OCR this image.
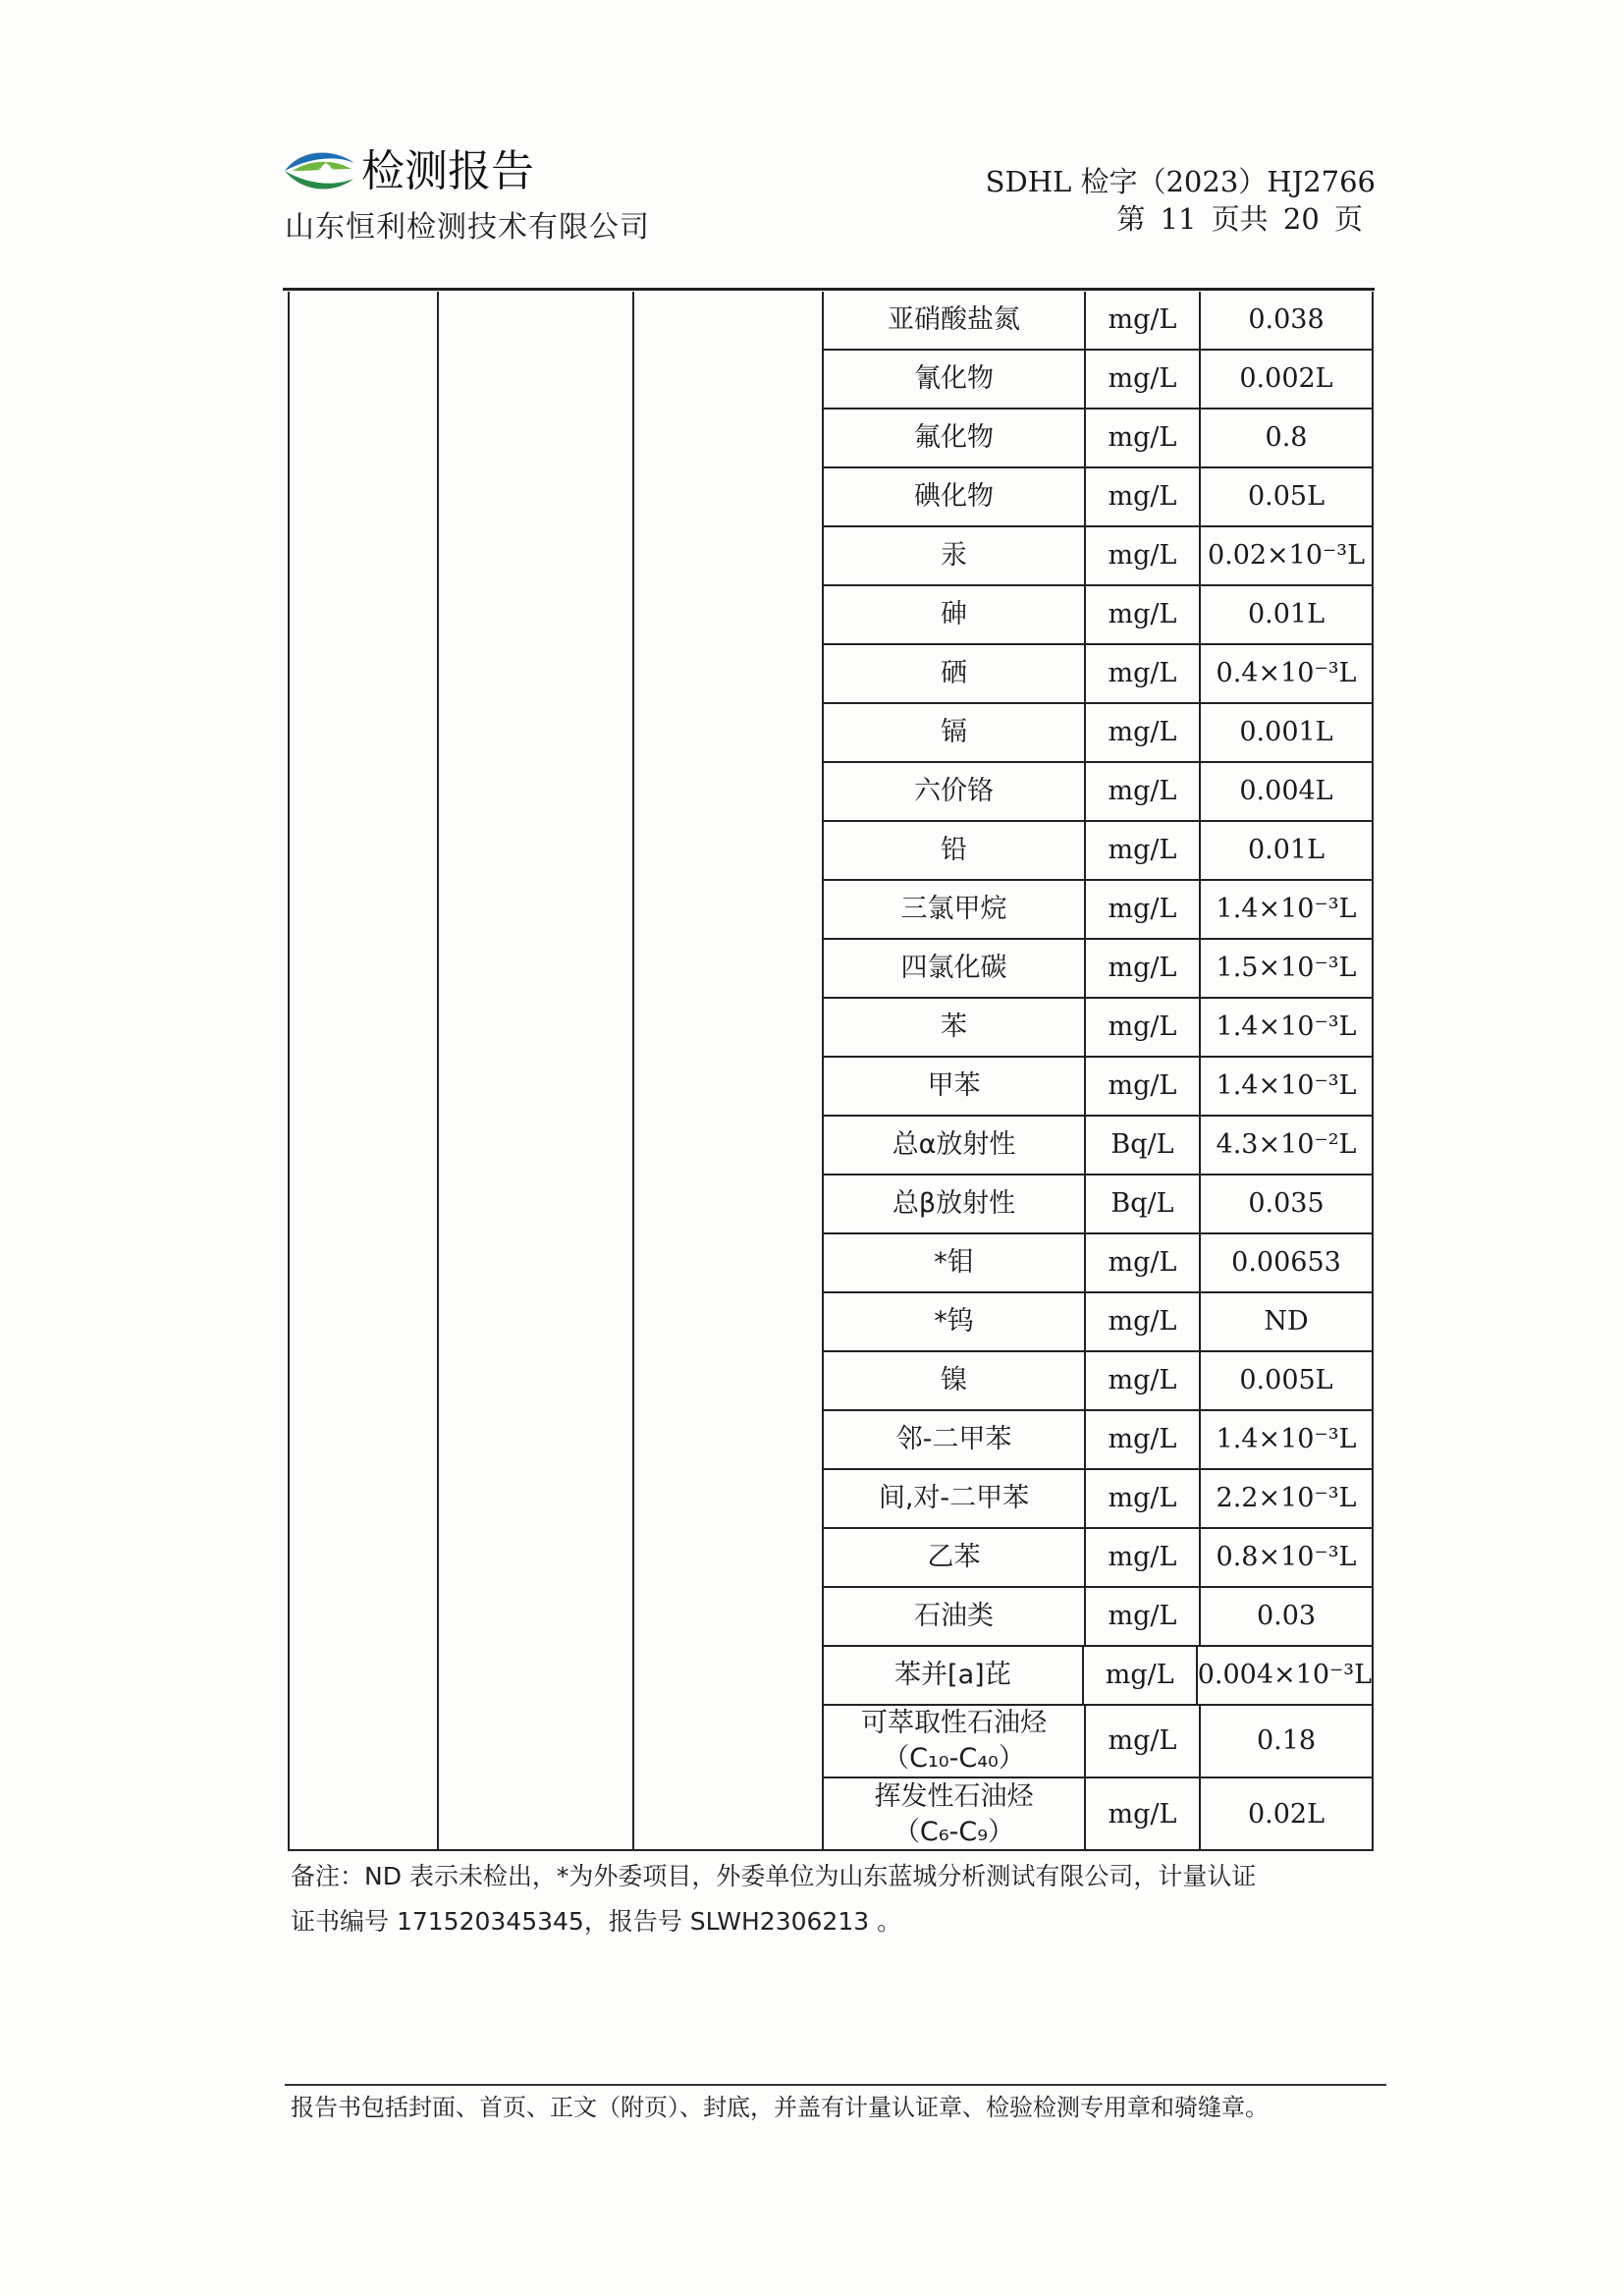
检测报告
山东恒利检测技术有限公司
SDHL 检字（2023）HJ2766
第 11 页共 20 页
亚硝酸盐氮	mg/L	0.038
氰化物	mg/L	0.002L
氟化物	mg/L	0.8
碘化物	mg/L	0.05L
汞	mg/L	0.02×10⁻³L
砷	mg/L	0.01L
硒	mg/L	0.4×10⁻³L
镉	mg/L	0.001L
六价铬	mg/L	0.004L
铅	mg/L	0.01L
三氯甲烷	mg/L	1.4×10⁻³L
四氯化碳	mg/L	1.5×10⁻³L
苯	mg/L	1.4×10⁻³L
甲苯	mg/L	1.4×10⁻³L
总α放射性	Bq/L	4.3×10⁻²L
总β放射性	Bq/L	0.035
*钼	mg/L	0.00653
*钨	mg/L	ND
镍	mg/L	0.005L
邻-二甲苯	mg/L	1.4×10⁻³L
间,对-二甲苯	mg/L	2.2×10⁻³L
乙苯	mg/L	0.8×10⁻³L
石油类	mg/L	0.03
苯并[a]芘	mg/L 0.004×10⁻³L
可萃取性石油烃
（C₁₀-C₄₀）
mg/L	0.18
挥发性石油烃
（C₆-C₉）
mg/L	0.02L
备注：ND 表示未检出，*为外委项目，外委单位为山东蓝城分析测试有限公司，计量认证
证书编号 171520345345，报告号 SLWH2306213 。
报告书包括封面、首页、正文（附页）、封底，并盖有计量认证章、检验检测专用章和骑缝章。
